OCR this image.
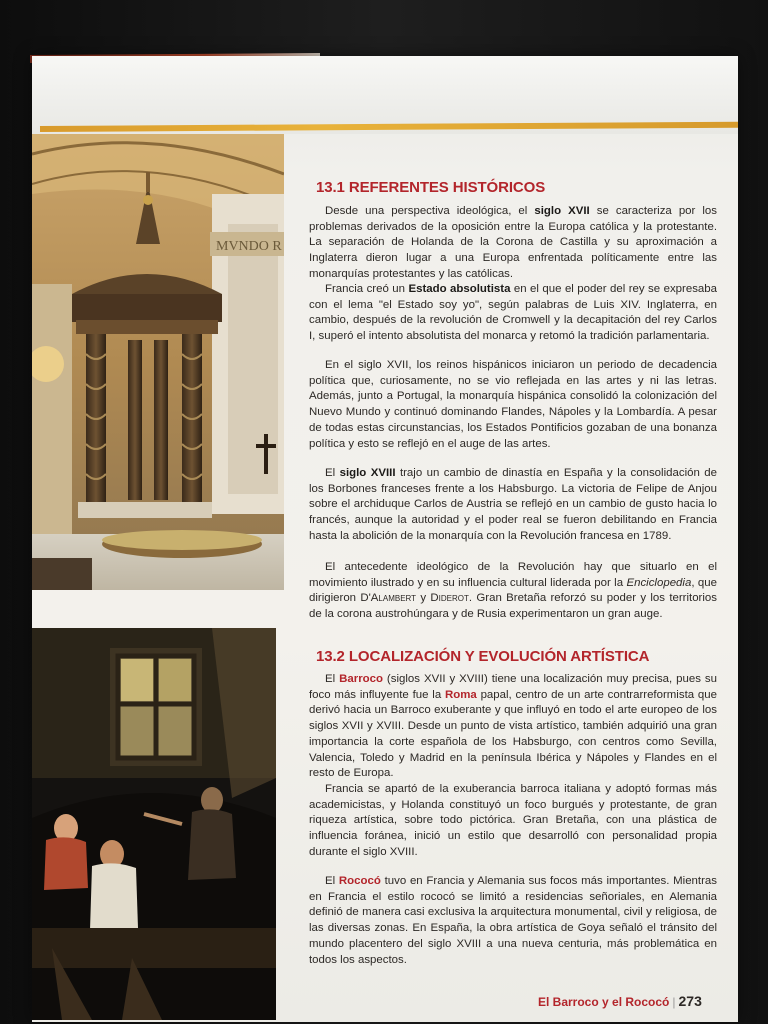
MVNDO R
13.1 REFERENTES HISTÓRICOS
Desde una perspectiva ideológica, el siglo XVII se caracteriza por los problemas derivados de la oposición entre la Europa católica y la protestante. La separación de Holanda de la Corona de Castilla y su aproximación a Inglaterra dieron lugar a una Europa enfrentada políticamente entre las monarquías protestantes y las católicas.
Francia creó un Estado absolutista en el que el poder del rey se expresaba con el lema "el Estado soy yo", según palabras de Luis XIV. Inglaterra, en cambio, después de la revolución de Cromwell y la decapitación del rey Carlos I, superó el intento absolutista del monarca y retomó la tradición parlamentaria.
En el siglo XVII, los reinos hispánicos iniciaron un periodo de decadencia política que, curiosamente, no se vio reflejada en las artes y ni las letras. Además, junto a Portugal, la monarquía hispánica consolidó la colonización del Nuevo Mundo y continuó dominando Flandes, Nápoles y la Lombardía. A pesar de todas estas circunstancias, los Estados Pontificios gozaban de una bonanza política y esto se reflejó en el auge de las artes.
El siglo XVIII trajo un cambio de dinastía en España y la consolidación de los Borbones franceses frente a los Habsburgo. La victoria de Felipe de Anjou sobre el archiduque Carlos de Austria se reflejó en un cambio de gusto hacia lo francés, aunque la autoridad y el poder real se fueron debilitando en Francia hasta la abolición de la monarquía con la Revolución francesa en 1789.
El antecedente ideológico de la Revolución hay que situarlo en el movimiento ilustrado y en su influencia cultural liderada por la Enciclopedia, que dirigieron D'Alambert y Diderot. Gran Bretaña reforzó su poder y los territorios de la corona austrohúngara y de Rusia experimentaron un gran auge.
13.2 LOCALIZACIÓN Y EVOLUCIÓN ARTÍSTICA
El Barroco (siglos XVII y XVIII) tiene una localización muy precisa, pues su foco más influyente fue la Roma papal, centro de un arte contrarreformista que derivó hacia un Barroco exuberante y que influyó en todo el arte europeo de los siglos XVII y XVIII. Desde un punto de vista artístico, también adquirió una gran importancia la corte española de los Habsburgo, con centros como Sevilla, Valencia, Toledo y Madrid en la península Ibérica y Nápoles y Flandes en el resto de Europa.
Francia se apartó de la exuberancia barroca italiana y adoptó formas más academicistas, y Holanda constituyó un foco burgués y protestante, de gran riqueza artística, sobre todo pictórica. Gran Bretaña, con una plástica de influencia foránea, inició un estilo que desarrolló con personalidad propia durante el siglo XVIII.
El Rococó tuvo en Francia y Alemania sus focos más importantes. Mientras en Francia el estilo rococó se limitó a residencias señoriales, en Alemania definió de manera casi exclusiva la arquitectura monumental, civil y religiosa, de las diversas zonas. En España, la obra artística de Goya señaló el tránsito del mundo placentero del siglo XVIII a una nueva centuria, más problemática en todos los aspectos.
El Barroco y el Rococó | 273
